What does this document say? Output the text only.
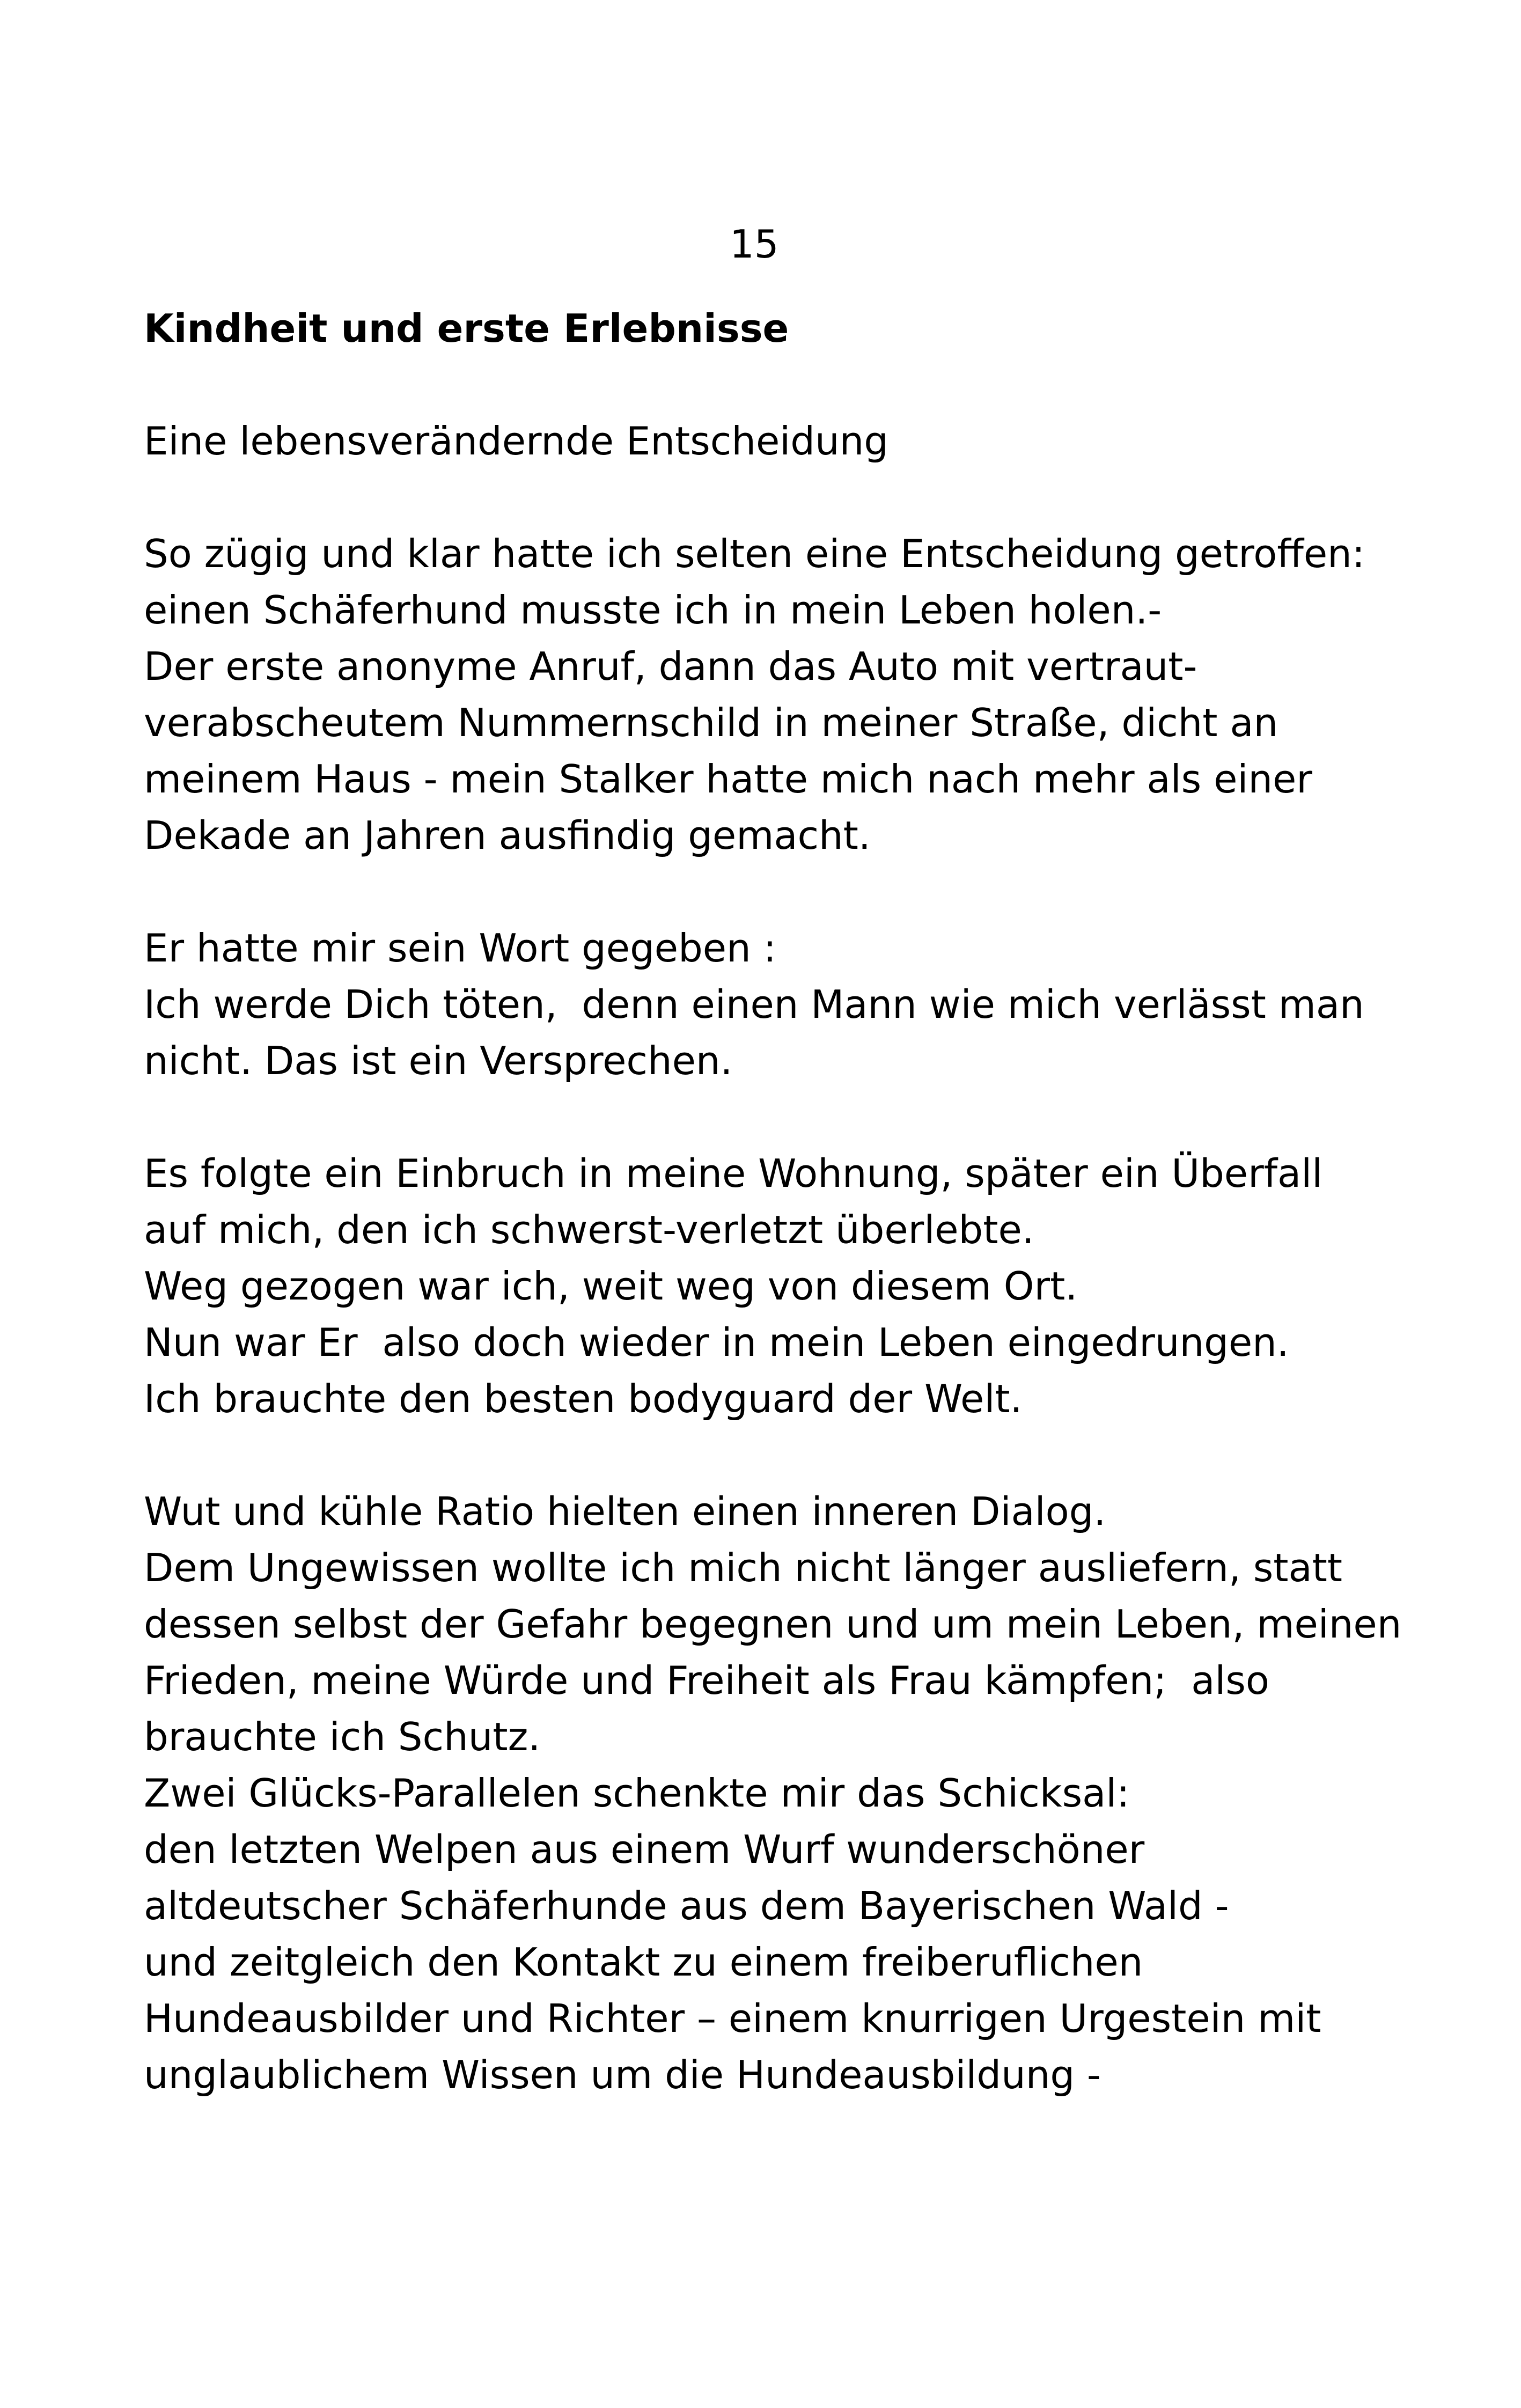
15
Kindheit und erste Erlebnisse
Eine lebensverändernde Entscheidung
So zügig und klar hatte ich selten eine Entscheidung getroffen:
einen Schäferhund musste ich in mein Leben holen.-
Der erste anonyme Anruf, dann das Auto mit vertraut-
verabscheutem Nummernschild in meiner Straße, dicht an
meinem Haus - mein Stalker hatte mich nach mehr als einer
Dekade an Jahren ausfindig gemacht.
Er hatte mir sein Wort gegeben :
Ich werde Dich töten,  denn einen Mann wie mich verlässt man
nicht. Das ist ein Versprechen.
Es folgte ein Einbruch in meine Wohnung, später ein Überfall
auf mich, den ich schwerst-verletzt überlebte.
Weg gezogen war ich, weit weg von diesem Ort.
Nun war Er  also doch wieder in mein Leben eingedrungen.
Ich brauchte den besten bodyguard der Welt.
Wut und kühle Ratio hielten einen inneren Dialog.
Dem Ungewissen wollte ich mich nicht länger ausliefern, statt
dessen selbst der Gefahr begegnen und um mein Leben, meinen
Frieden, meine Würde und Freiheit als Frau kämpfen;  also
brauchte ich Schutz.
Zwei Glücks-Parallelen schenkte mir das Schicksal:
den letzten Welpen aus einem Wurf wunderschöner
altdeutscher Schäferhunde aus dem Bayerischen Wald -
und zeitgleich den Kontakt zu einem freiberuflichen
Hundeausbilder und Richter – einem knurrigen Urgestein mit
unglaublichem Wissen um die Hundeausbildung -
